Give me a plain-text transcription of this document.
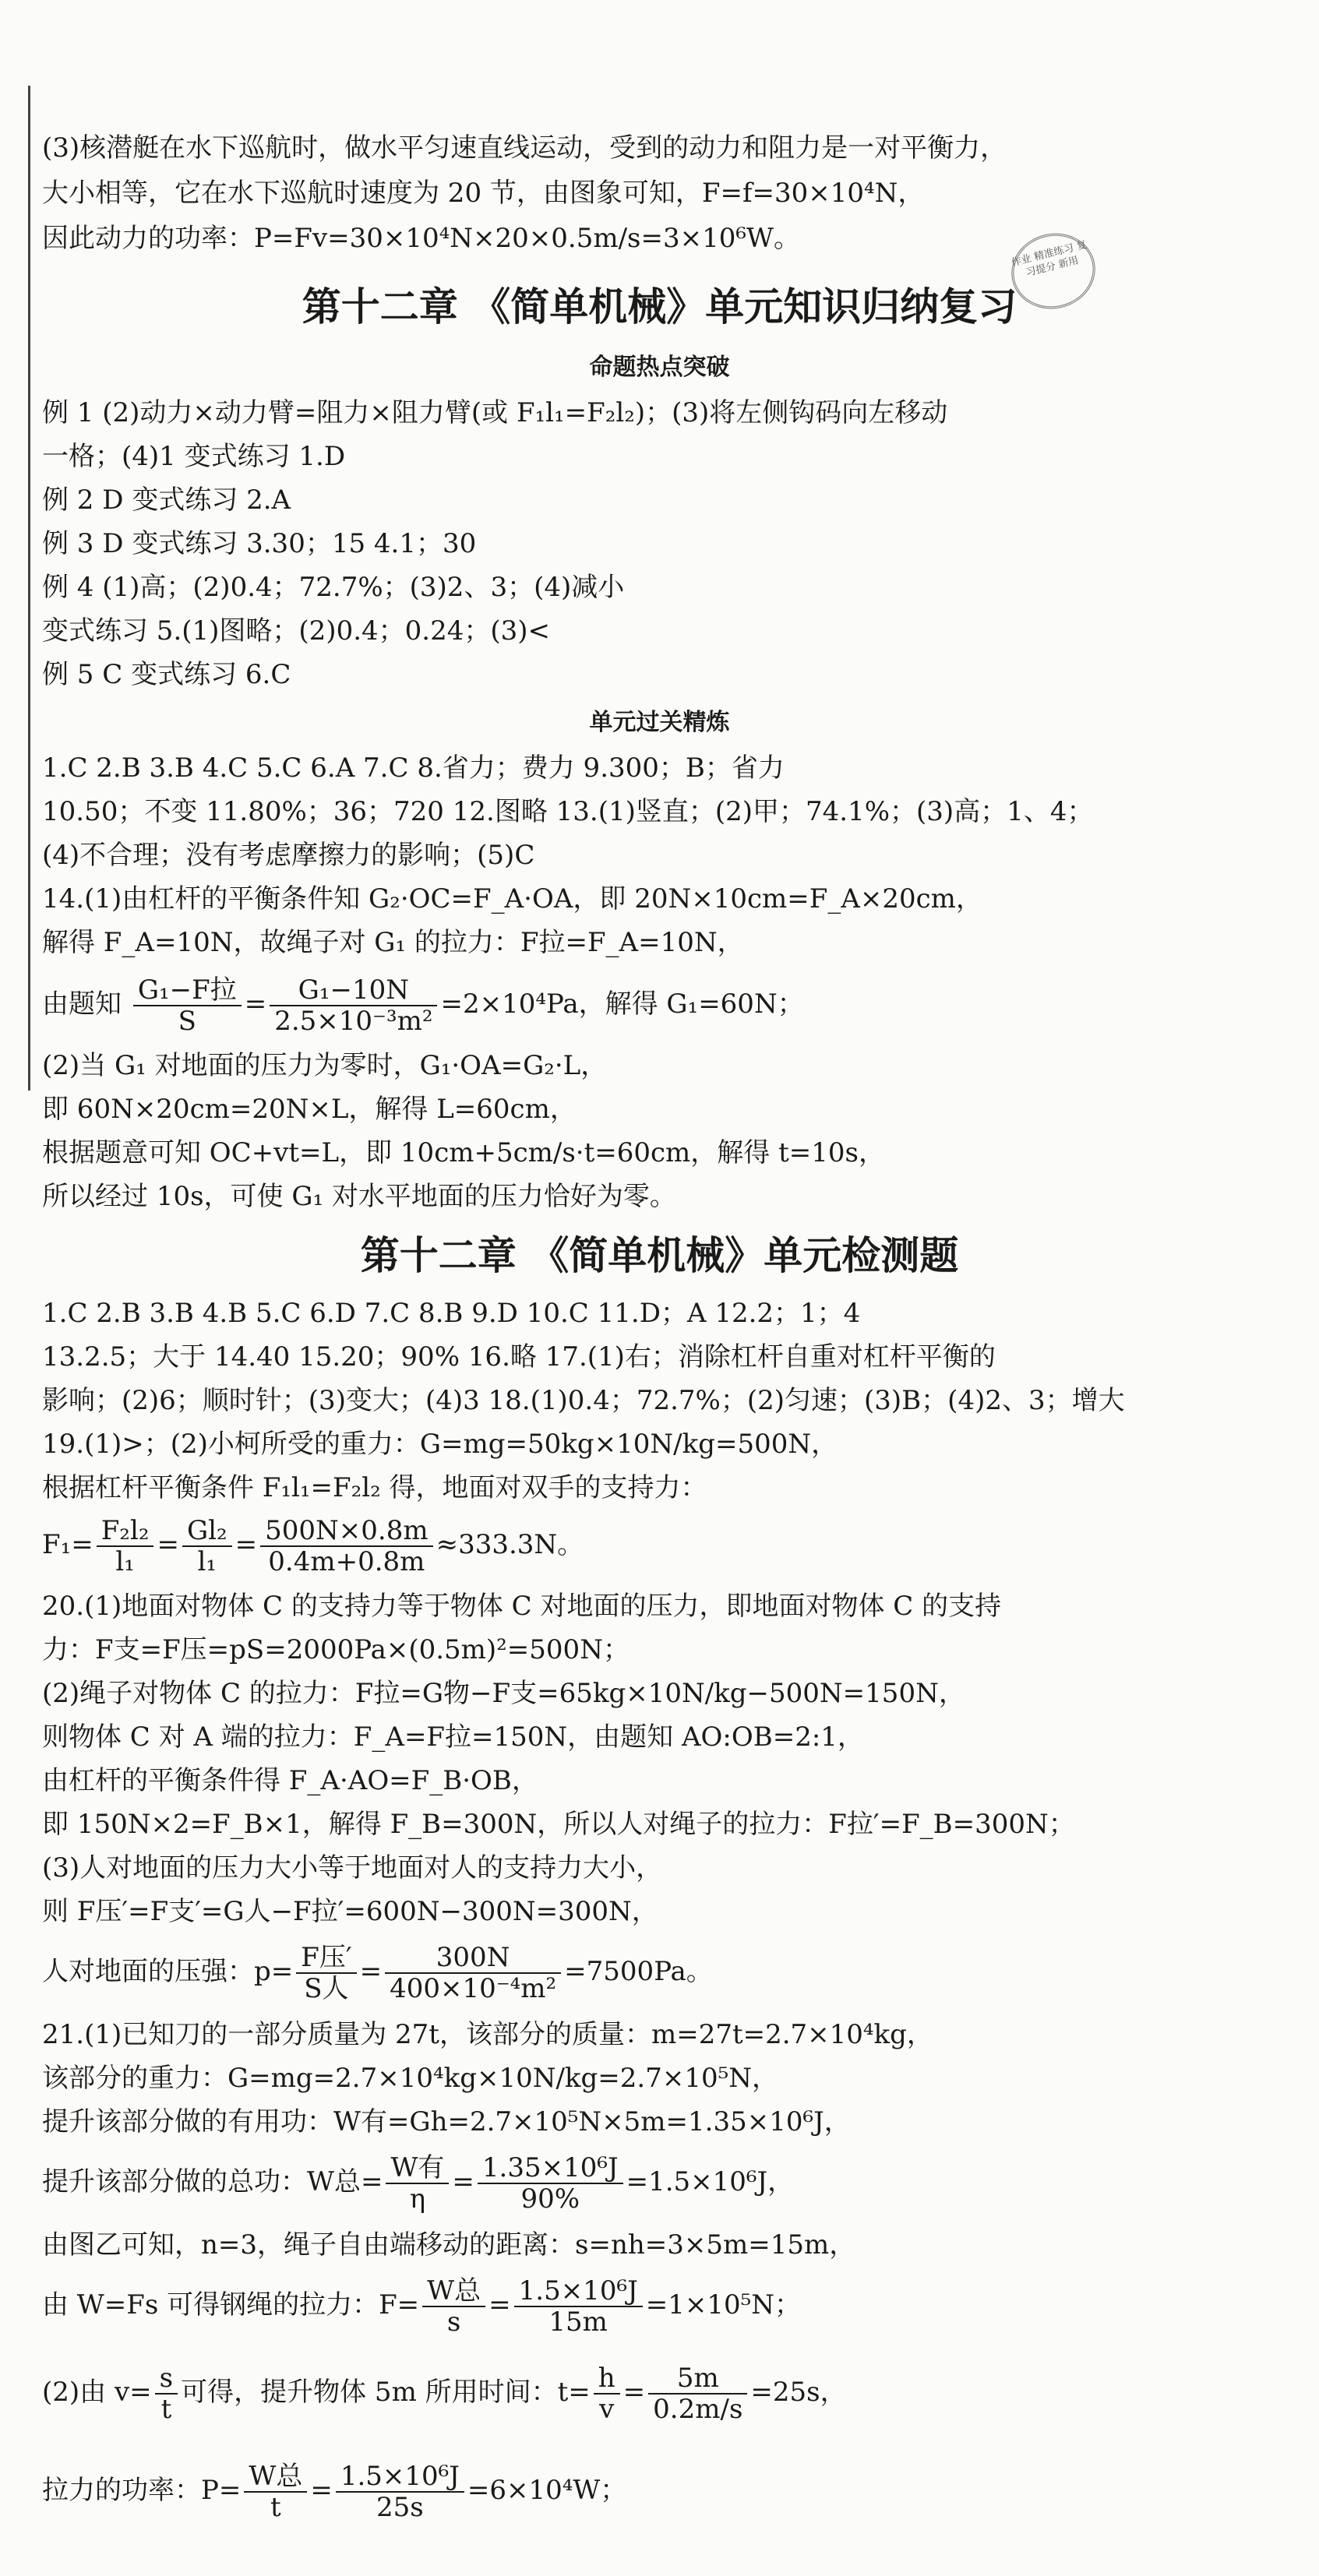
作业 精准练习 复习提分 新用
(3)核潜艇在水下巡航时，做水平匀速直线运动，受到的动力和阻力是一对平衡力，
大小相等，它在水下巡航时速度为 20 节，由图象可知，F=f=30×10⁴N，
因此动力的功率：P=Fv=30×10⁴N×20×0.5m/s=3×10⁶W。
第十二章 《简单机械》单元知识归纳复习
命题热点突破
例 1 (2)动力×动力臂=阻力×阻力臂(或 F₁l₁=F₂l₂)；(3)将左侧钩码向左移动
一格；(4)1 变式练习 1.D
例 2 D 变式练习 2.A
例 3 D 变式练习 3.30；15 4.1；30
例 4 (1)高；(2)0.4；72.7%；(3)2、3；(4)减小
变式练习 5.(1)图略；(2)0.4；0.24；(3)<
例 5 C 变式练习 6.C
单元过关精炼
1.C 2.B 3.B 4.C 5.C 6.A 7.C 8.省力；费力 9.300；B；省力
10.50；不变 11.80%；36；720 12.图略 13.(1)竖直；(2)甲；74.1%；(3)高；1、4；
(4)不合理；没有考虑摩擦力的影响；(5)C
14.(1)由杠杆的平衡条件知 G₂·OC=F_A·OA，即 20N×10cm=F_A×20cm，
解得 F_A=10N，故绳子对 G₁ 的拉力：F拉=F_A=10N，
由题知 $\frac{\text{G₁−F拉}}{S} = \frac{\text{G₁−10N}}{\text{2.5×10⁻³m²}} =2\times 10^4Pa$，解得 G₁=60N；
(2)当 G₁ 对地面的压力为零时，G₁·OA=G₂·L，
即 60N×20cm=20N×L，解得 L=60cm，
根据题意可知 OC+vt=L，即 10cm+5cm/s·t=60cm，解得 t=10s，
所以经过 10s，可使 G₁ 对水平地面的压力恰好为零。
第十二章 《简单机械》单元检测题
1.C 2.B 3.B 4.B 5.C 6.D 7.C 8.B 9.D 10.C 11.D；A 12.2；1；4
13.2.5；大于 14.40 15.20；90% 16.略 17.(1)右；消除杠杆自重对杠杆平衡的
影响；(2)6；顺时针；(3)变大；(4)3 18.(1)0.4；72.7%；(2)匀速；(3)B；(4)2、3；增大
19.(1)>；(2)小柯所受的重力：G=mg=50kg×10N/kg=500N，
根据杠杆平衡条件 F₁l₁=F₂l₂ 得，地面对双手的支持力：
$F_1= \frac{\text{F₂l₂}}{\text{l₁}} = \frac{\text{Gl₂}}{\text{l₁}} = \frac{500N\times 0.8m}{0.4m+0.8m} \approx 333.3N$。
20.(1)地面对物体 C 的支持力等于物体 C 对地面的压力，即地面对物体 C 的支持
力：F支=F压=pS=2000Pa×(0.5m)²=500N；
(2)绳子对物体 C 的拉力：F拉=G物−F支=65kg×10N/kg−500N=150N，
则物体 C 对 A 端的拉力：F_A=F拉=150N，由题知 AO:OB=2:1，
由杠杆的平衡条件得 F_A·AO=F_B·OB，
即 150N×2=F_B×1，解得 F_B=300N，所以人对绳子的拉力：F拉′=F_B=300N；
(3)人对地面的压力大小等于地面对人的支持力大小，
则 F压′=F支′=G人−F拉′=600N−300N=300N，
人对地面的压强：$p= \frac{\text{F压′}}{\text{S人}} = \frac{300N}{\text{400×10⁻⁴m²}} =7500Pa$。
21.(1)已知刀的一部分质量为 27t，该部分的质量：m=27t=2.7×10⁴kg，
该部分的重力：G=mg=2.7×10⁴kg×10N/kg=2.7×10⁵N，
提升该部分做的有用功：W有=Gh=2.7×10⁵N×5m=1.35×10⁶J，
提升该部分做的总功：W总= $\frac{\text{W有}}{\eta} = \frac{\text{1.35×10⁶J}}{90\%} =1.5\times 10^6J$，
由图乙可知，n=3，绳子自由端移动的距离：s=nh=3×5m=15m，
由 W=Fs 可得钢绳的拉力：$F= \frac{\text{W总}}{s} = \frac{\text{1.5×10⁶J}}{15m} =1\times 10^5N$；
(2)由 $v= \frac{s}{t}$ 可得，提升物体 5m 所用时间：$t= \frac{h}{v} = \frac{5m}{0.2m/s} =25s$，
拉力的功率：$P= \frac{\text{W总}}{t} = \frac{\text{1.5×10⁶J}}{25s} =6\times 10^4W$；
